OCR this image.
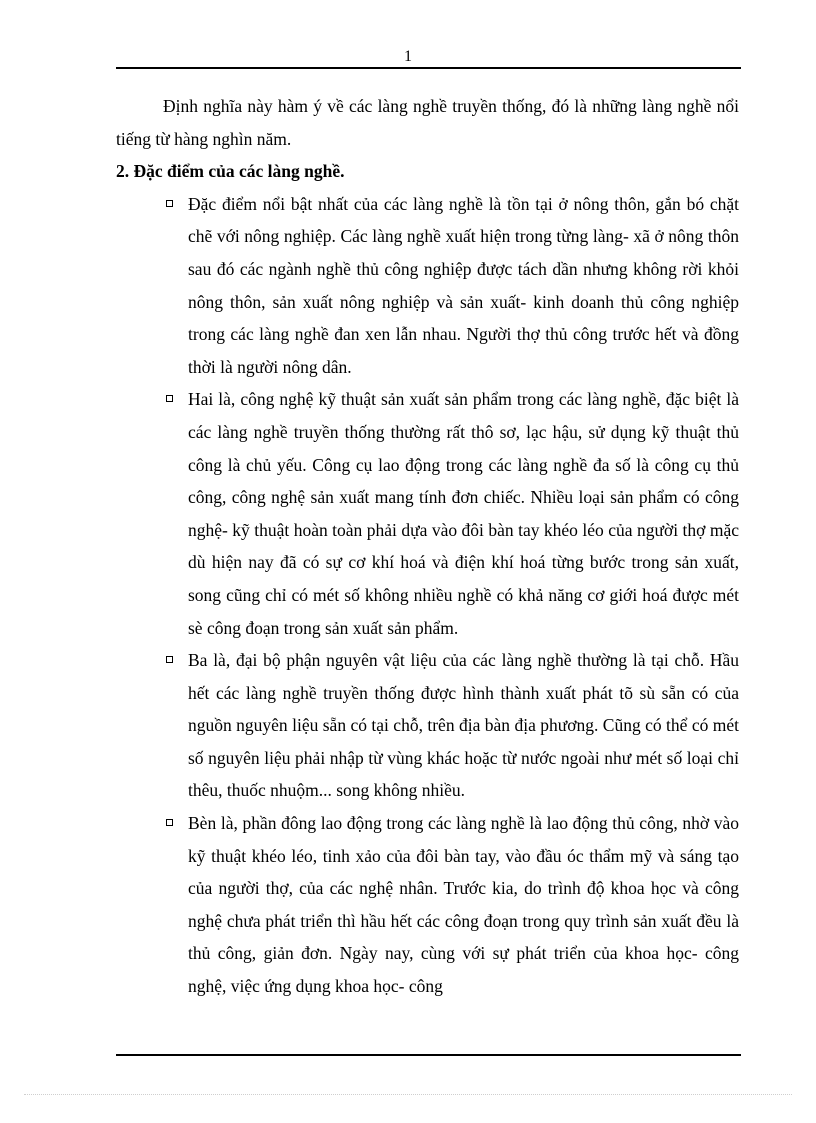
1

Định nghĩa này hàm ý về các làng nghề truyền thống, đó là những làng nghề nổi tiếng từ hàng nghìn năm.

2. Đặc điểm của các làng nghề.
Đặc điểm nổi bật nhất của các làng nghề là tồn tại ở nông thôn, gắn bó chặt chẽ với nông nghiệp. Các làng nghề xuất hiện trong từng làng- xã ở nông thôn sau đó các ngành nghề thủ công nghiệp được tách dần nhưng không rời khỏi nông thôn, sản xuất nông nghiệp và sản xuất- kinh doanh thủ công nghiệp trong các làng nghề đan xen lẫn nhau. Người thợ thủ công trước hết và đồng thời là người nông dân.
Hai là, công nghệ kỹ thuật sản xuất sản phẩm trong các làng nghề, đặc biệt là các làng nghề truyền thống thường rất thô sơ, lạc hậu, sử dụng kỹ thuật thủ công là chủ yếu. Công cụ lao động trong các làng nghề đa số là công cụ thủ công, công nghệ sản xuất mang tính đơn chiếc. Nhiều loại sản phẩm có công nghệ- kỹ thuật hoàn toàn phải dựa vào đôi bàn tay khéo léo của người thợ mặc dù hiện nay đã có sự cơ khí hoá và điện khí hoá từng bước trong sản xuất, song cũng chỉ có mét số không nhiều nghề có khả năng cơ giới hoá được mét sè công đoạn trong sản xuất sản phẩm.
Ba là, đại bộ phận nguyên vật liệu của các làng nghề thường là tại chỗ. Hầu hết các làng nghề truyền thống được hình thành xuất phát tõ sù sẵn có của nguồn nguyên liệu sẵn có tại chỗ, trên địa bàn địa phương. Cũng có thể có mét số nguyên liệu phải nhập từ vùng khác hoặc từ nước ngoài như mét số loại chỉ thêu, thuốc nhuộm... song không nhiều.
Bèn là, phần đông lao động trong các làng nghề là lao động thủ công, nhờ vào kỹ thuật khéo léo, tinh xảo của đôi bàn tay, vào đầu óc thẩm mỹ và sáng tạo của người thợ, của các nghệ nhân. Trước kia, do trình độ khoa học và công nghệ chưa phát triển thì hầu hết các công đoạn trong quy trình sản xuất đều là thủ công, giản đơn. Ngày nay, cùng với sự phát triển của khoa học- công nghệ, việc ứng dụng khoa học- công
